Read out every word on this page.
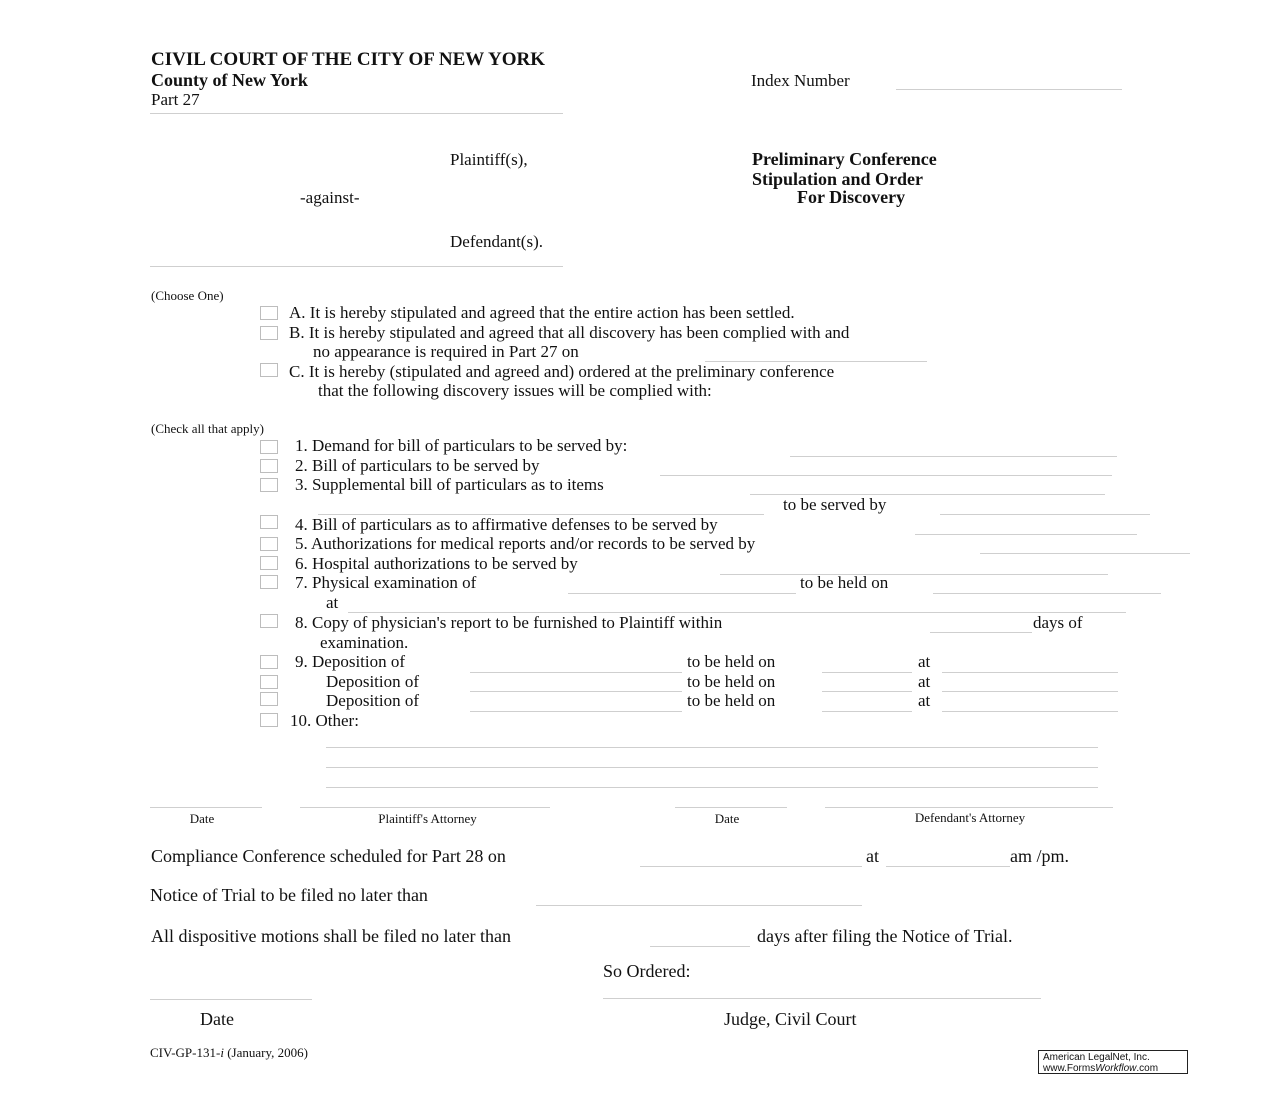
CIVIL COURT OF THE CITY OF NEW YORK
County of New York
Part 27
Index Number
Plaintiff(s),
-against-
Defendant(s).
Preliminary Conference
Stipulation and Order
For Discovery
(Choose One)
A. It is hereby stipulated and agreed that the entire action has been settled.
B. It is hereby stipulated and agreed that all discovery has been complied with and
no appearance is required in Part 27 on
C. It is hereby (stipulated and agreed and) ordered at the preliminary conference
that the following discovery issues will be complied with:
(Check all that apply)
1. Demand for bill of particulars to be served by:
2. Bill of particulars to be served by
3. Supplemental bill of particulars as to items
to be served by
4. Bill of particulars as to affirmative defenses to be served by
5. Authorizations for medical reports and/or records to be served by
6. Hospital authorizations to be served by
7. Physical examination of	to be held on
at
8. Copy of physician's report to be furnished to Plaintiff within	days of
examination.
9. Deposition of	to be held on	at
Deposition of	to be held on	at
Deposition of	to be held on	at
10. Other:
Date	Plaintiff's Attorney	Date	Defendant's Attorney
Compliance Conference scheduled for Part 28 on	at	am /pm.
Notice of Trial to be filed no later than
All dispositive motions shall be filed no later than	days after filing the Notice of Trial.
So Ordered:
Date	Judge, Civil Court
CIV-GP-131-i (January, 2006)	American LegalNet, Inc.
www.FormsWorkflow.com
